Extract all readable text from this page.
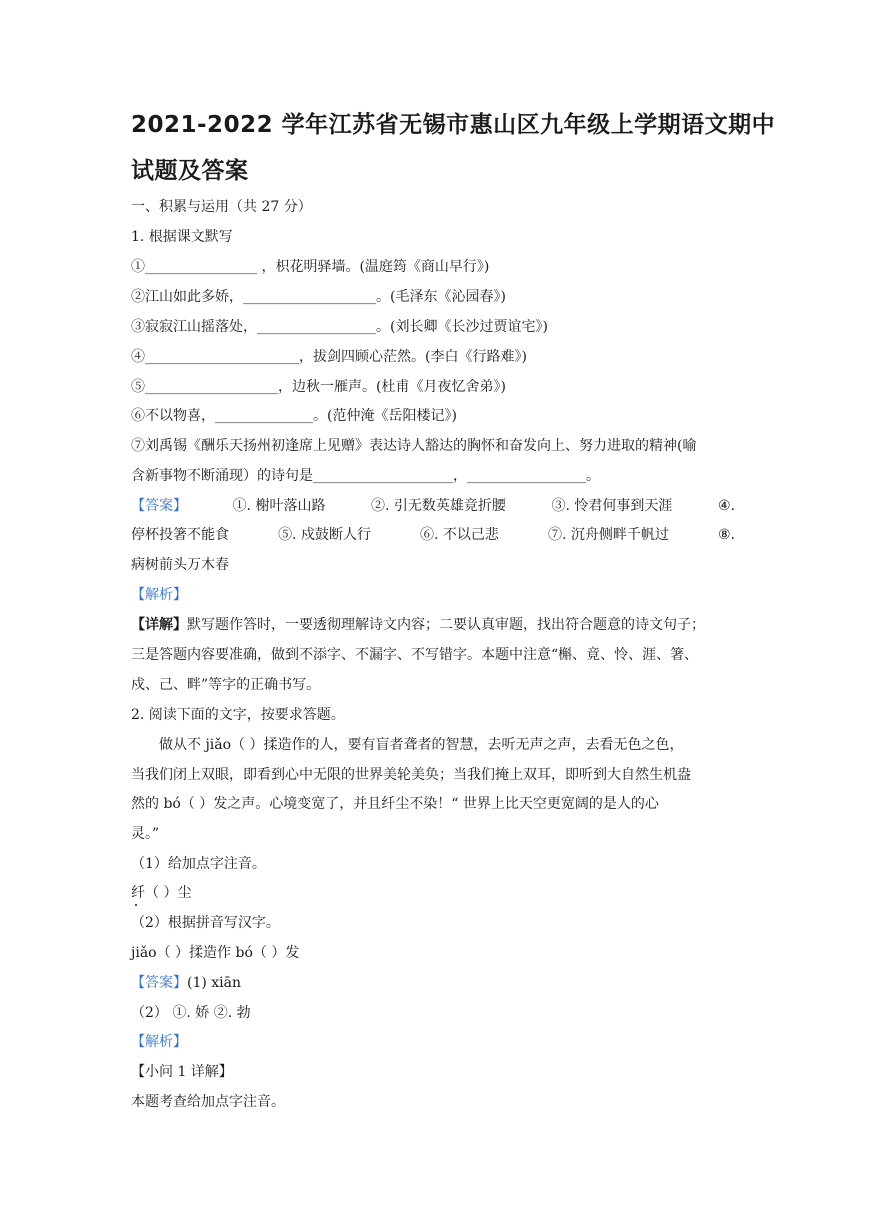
2021-2022 学年江苏省无锡市惠山区九年级上学期语文期中
试题及答案
一、积累与运用（共 27 分）
1. 根据课文默写
①________________ ，枳花明驿墙。(温庭筠《商山早行》)
②江山如此多娇，___________________。(毛泽东《沁园春》)
③寂寂江山摇落处，_________________。(刘长卿《长沙过贾谊宅》)
④______________________，拔剑四顾心茫然。(李白《行路难》)
⑤___________________，边秋一雁声。(杜甫《月夜忆舍弟》)
⑥不以物喜，______________。(范仲淹《岳阳楼记》)
⑦刘禹锡《酬乐天扬州初逢席上见赠》表达诗人豁达的胸怀和奋发向上、努力进取的精神(喻
含新事物不断涌现）的诗句是____________________，_________________。
【答案】	①. 榭叶落山路	②. 引无数英雄竞折腰	③. 怜君何事到天涯	④.
停杯投箸不能食	⑤. 戍鼓断人行	⑥. 不以己悲	⑦. 沉舟侧畔千帆过	⑧.
病树前头万木春
【解析】
【详解】默写题作答时，一要透彻理解诗文内容；二要认真审题，找出符合题意的诗文句子；
三是答题内容要准确，做到不添字、不漏字、不写错字。本题中注意“槲、竟、怜、涯、箸、
戍、己、畔”等字的正确书写。
2. 阅读下面的文字，按要求答题。
做从不 jiǎo（ ）揉造作的人，要有盲者聋者的智慧，去听无声之声，去看无色之色，
当我们闭上双眼，即看到心中无限的世界美轮美奂；当我们掩上双耳，即听到大自然生机盎
然的 bó（ ）发之声。心境变宽了，并且纤尘不染！“ 世界上比天空更宽阔的是人的心
灵。”
（1）给加点字注音。
纤（ ）尘
（2）根据拼音写汉字。
jiǎo（ ）揉造作 bó（ ）发
【答案】(1) xiān
（2） ①. 娇 ②. 勃
【解析】
【小问 1 详解】
本题考查给加点字注音。
